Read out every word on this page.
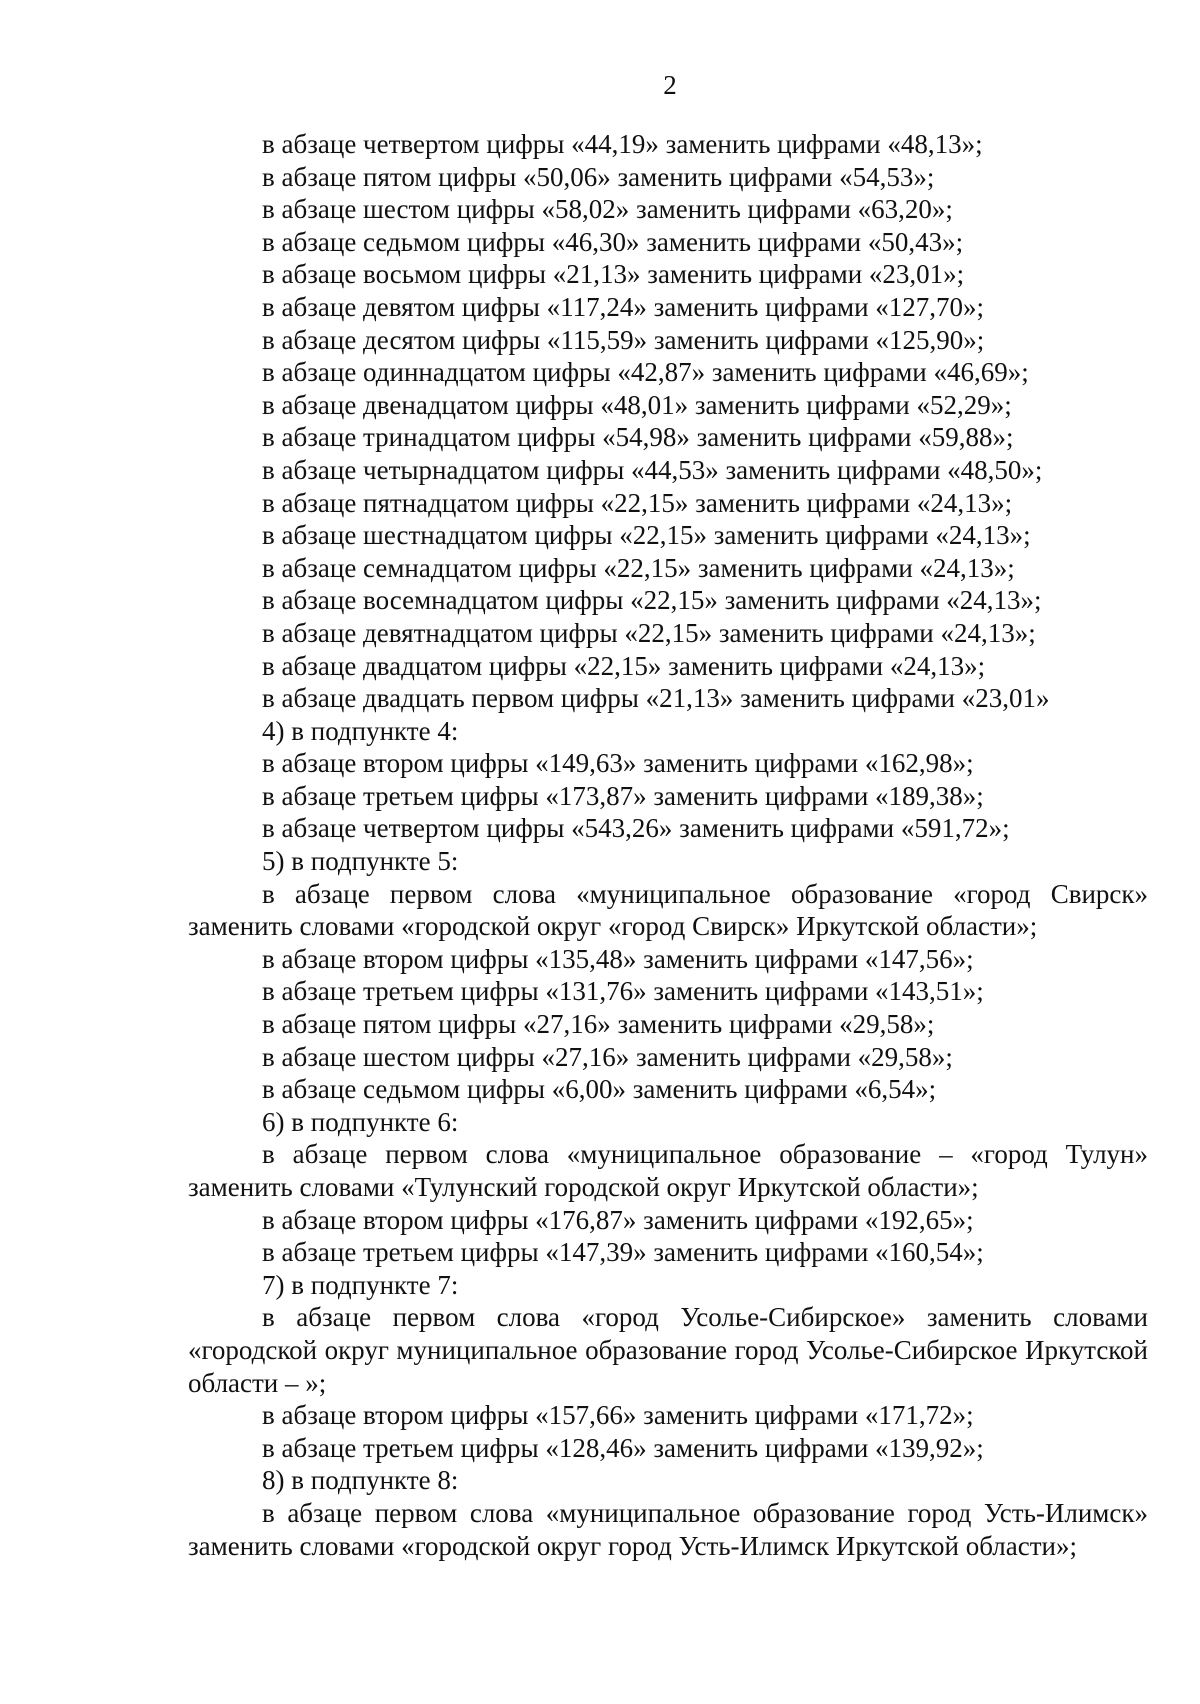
2

в абзаце четвертом цифры «44,19» заменить цифрами «48,13»;

в абзаце пятом цифры «50,06» заменить цифрами «54,53»;

в абзаце шестом цифры «58,02» заменить цифрами «63,20»;

в абзаце седьмом цифры «46,30» заменить цифрами «50,43»;

в абзаце восьмом цифры «21,13» заменить цифрами «23,01»;

в абзаце девятом цифры «117,24» заменить цифрами «127,70»;

в абзаце десятом цифры «115,59» заменить цифрами «125,90»;

в абзаце одиннадцатом цифры «42,87» заменить цифрами «46,69»;

в абзаце двенадцатом цифры «48,01» заменить цифрами «52,29»;

в абзаце тринадцатом цифры «54,98» заменить цифрами «59,88»;

в абзаце четырнадцатом цифры «44,53» заменить цифрами «48,50»;

в абзаце пятнадцатом цифры «22,15» заменить цифрами «24,13»;

в абзаце шестнадцатом цифры «22,15» заменить цифрами «24,13»;

в абзаце семнадцатом цифры «22,15» заменить цифрами «24,13»;

в абзаце восемнадцатом цифры «22,15» заменить цифрами «24,13»;

в абзаце девятнадцатом цифры «22,15» заменить цифрами «24,13»;

в абзаце двадцатом цифры «22,15» заменить цифрами «24,13»;

в абзаце двадцать первом цифры «21,13» заменить цифрами «23,01»

4) в подпункте 4:

в абзаце втором цифры «149,63» заменить цифрами «162,98»;

в абзаце третьем цифры «173,87» заменить цифрами «189,38»;

в абзаце четвертом цифры «543,26» заменить цифрами «591,72»;

5) в подпункте 5:

в абзаце первом слова «муниципальное образование «город Свирск» заменить словами «городской округ «город Свирск» Иркутской области»;

в абзаце втором цифры «135,48» заменить цифрами «147,56»;

в абзаце третьем цифры «131,76» заменить цифрами «143,51»;

в абзаце пятом цифры «27,16» заменить цифрами «29,58»;

в абзаце шестом цифры «27,16» заменить цифрами «29,58»;

в абзаце седьмом цифры «6,00» заменить цифрами «6,54»;

6) в подпункте 6:

в абзаце первом слова «муниципальное образование – «город Тулун» заменить словами «Тулунский городской округ Иркутской области»;

в абзаце втором цифры «176,87» заменить цифрами «192,65»;

в абзаце третьем цифры «147,39» заменить цифрами «160,54»;

7) в подпункте 7:

в абзаце первом слова «город Усолье-Сибирское» заменить словами «городской округ муниципальное образование город Усолье-Сибирское Иркутской области – »;

в абзаце втором цифры «157,66» заменить цифрами «171,72»;

в абзаце третьем цифры «128,46» заменить цифрами «139,92»;

8) в подпункте 8:

в абзаце первом слова «муниципальное образование город Усть-Илимск» заменить словами «городской округ город Усть-Илимск Иркутской области»;
